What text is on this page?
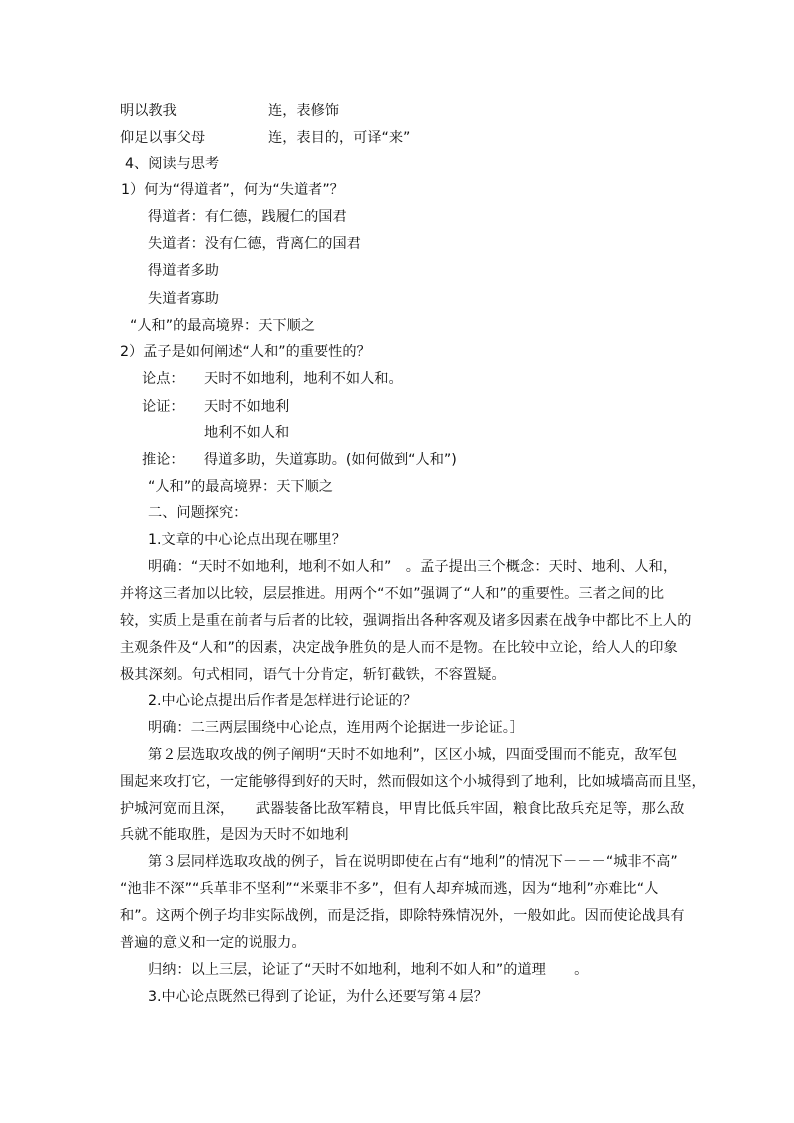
明以教我	连，表修饰
仰足以事父母	连，表目的，可译“来”
4、阅读与思考
1）何为“得道者”，何为“失道者”？
得道者：有仁德，践履仁的国君
失道者：没有仁德，背离仁的国君
得道者多助
失道者寡助
“人和”的最高境界：天下顺之
2）孟子是如何阐述“人和”的重要性的？
论点： 天时不如地利，地利不如人和。
论证： 天时不如地利
地利不如人和
推论： 得道多助，失道寡助。(如何做到“人和”)
“人和”的最高境界：天下顺之
二、问题探究：
1.文章的中心论点出现在哪里？
明确：“天时不如地利，地利不如人和”　。孟子提出三个概念：天时、地利、人和，
并将这三者加以比较，层层推进。用两个“不如”强调了“人和”的重要性。三者之间的比
较，实质上是重在前者与后者的比较，强调指出各种客观及诸多因素在战争中都比不上人的
主观条件及“人和”的因素，决定战争胜负的是人而不是物。在比较中立论，给人人的印象
极其深刻。句式相同，语气十分肯定，斩钉截铁，不容置疑。
2.中心论点提出后作者是怎样进行论证的？
明确：二三两层围绕中心论点，连用两个论据进一步论证。］
第２层选取攻战的例子阐明“天时不如地利”，区区小城，四面受围而不能克，敌军包
围起来攻打它，一定能够得到好的天时，然而假如这个小城得到了地利，比如城墙高而且坚，
护城河宽而且深，　　武器装备比敌军精良，甲胄比低兵牢固，粮食比敌兵充足等，那么敌
兵就不能取胜，是因为天时不如地利
第３层同样选取攻战的例子，旨在说明即使在占有“地利”的情况下－－－“城非不高”
“池非不深”“兵革非不坚利”“米粟非不多”，但有人却弃城而逃，因为“地利”亦难比“人
和”。这两个例子均非实际战例，而是泛指，即除特殊情况外，一般如此。因而使论战具有
普遍的意义和一定的说服力。
归纳：以上三层，论证了“天时不如地利，地利不如人和”的道理　　。
3.中心论点既然已得到了论证，为什么还要写第４层？
